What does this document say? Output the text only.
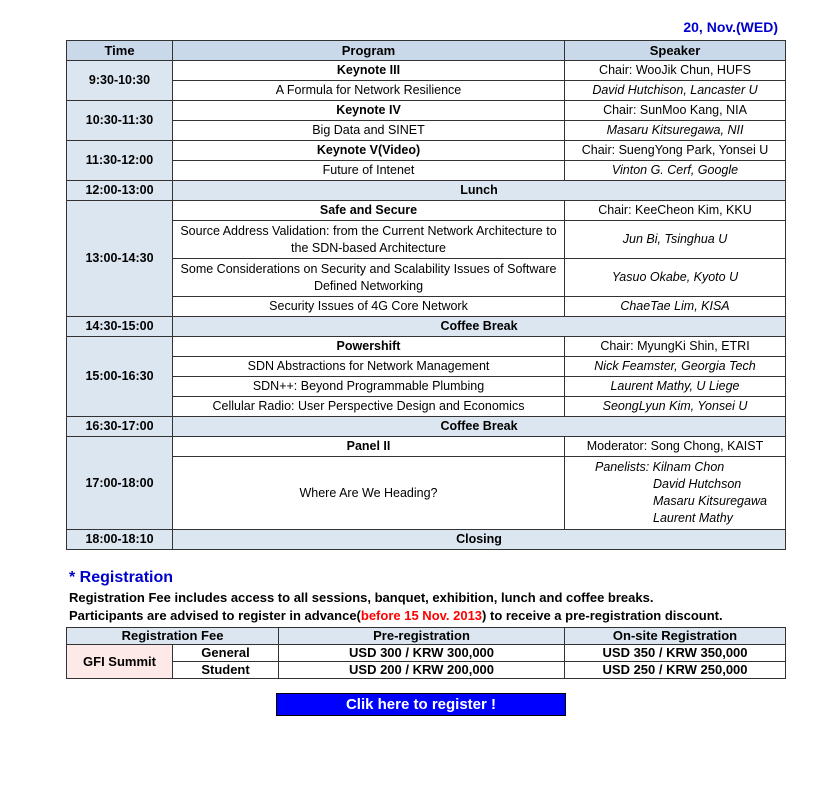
20, Nov.(WED)
Time	Program	Speaker
9:30-10:30	Keynote III	Chair: WooJik Chun, HUFS
	A Formula for Network Resilience	David Hutchison, Lancaster U
10:30-11:30	Keynote IV	Chair: SunMoo Kang, NIA
	Big Data and SINET	Masaru Kitsuregawa, NII
11:30-12:00	Keynote V(Video)	Chair: SuengYong Park, Yonsei U
	Future of Intenet	Vinton G. Cerf, Google
12:00-13:00	Lunch	
13:00-14:30	Safe and Secure	Chair: KeeCheon Kim, KKU
	Source Address Validation: from the Current Network Architecture to the SDN-based Architecture	Jun Bi, Tsinghua U
	Some Considerations on Security and Scalability Issues of Software Defined Networking	Yasuo Okabe, Kyoto U
	Security Issues of 4G Core Network	ChaeTae Lim, KISA
14:30-15:00	Coffee Break	
15:00-16:30	Powershift	Chair: MyungKi Shin, ETRI
	SDN Abstractions for Network Management	Nick Feamster, Georgia Tech
	SDN++: Beyond Programmable Plumbing	Laurent Mathy, U Liege
	Cellular Radio: User Perspective Design and Economics	SeongLyun Kim, Yonsei U
16:30-17:00	Coffee Break	
17:00-18:00	Panel II	Moderator: Song Chong, KAIST
	Where Are We Heading?	Panelists: Kilnam Chon
David Hutchson
Masaru Kitsuregawa
Laurent Mathy

18:00-18:10	Closing	
* Registration
Registration Fee includes access to all sessions, banquet, exhibition, lunch and coffee breaks.
Participants are advised to register in advance(before 15 Nov. 2013) to receive a pre-registration discount.
Registration Fee		Pre-registration	On-site Registration
GFI Summit	General	USD 300 / KRW 300,000	USD 350 / KRW 350,000
	Student	USD 200 / KRW 200,000	USD 250 / KRW 250,000
Clik here to register !
